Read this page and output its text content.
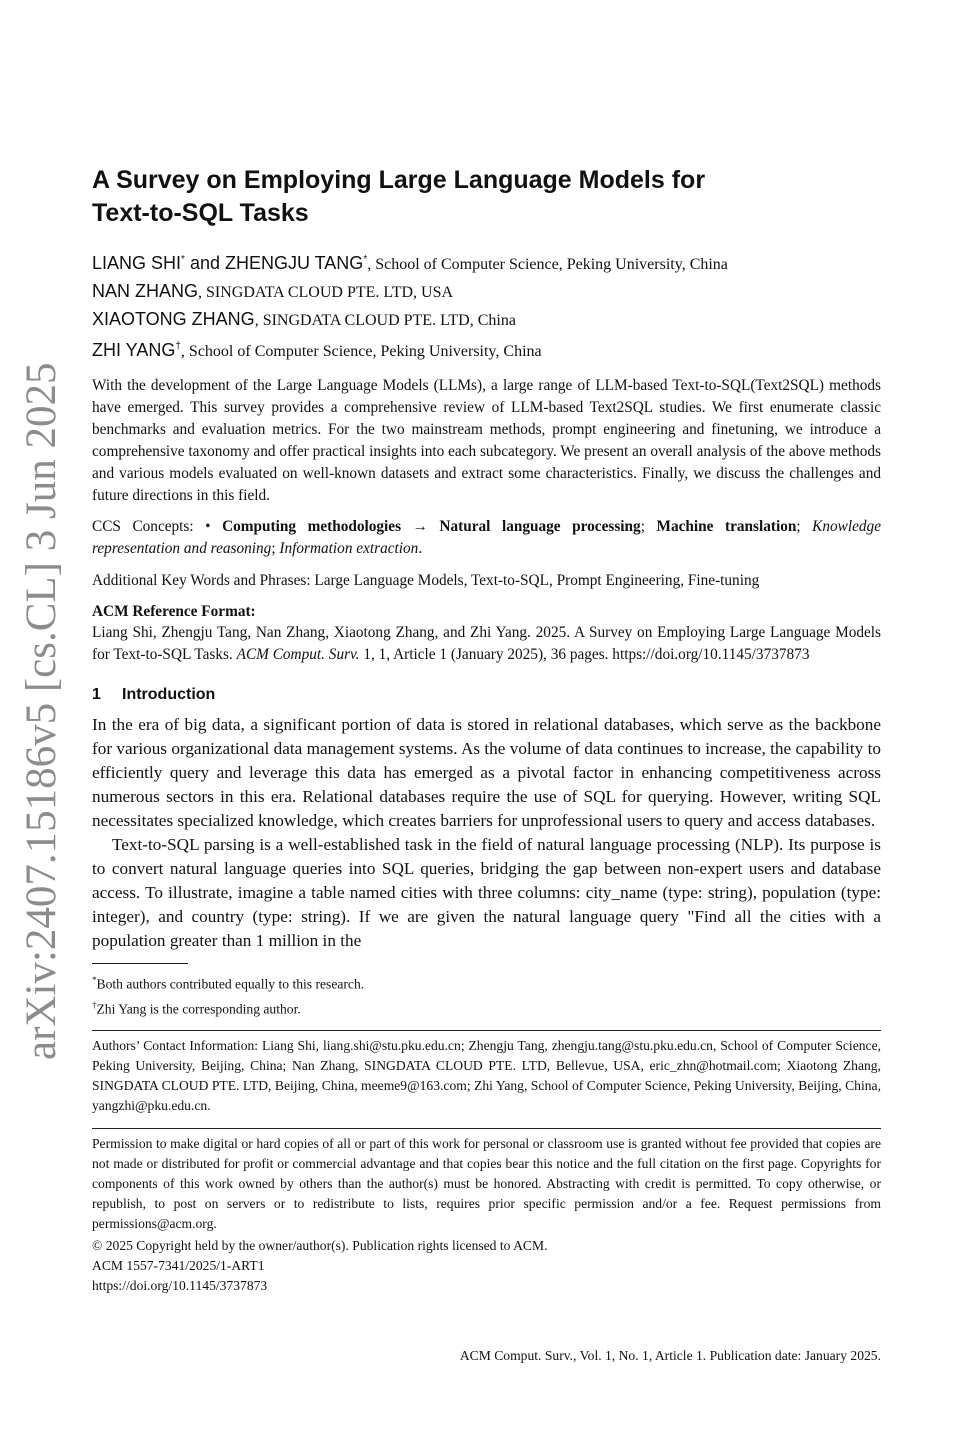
arXiv:2407.15186v5 [cs.CL] 3 Jun 2025
A Survey on Employing Large Language Models for
Text-to-SQL Tasks
LIANG SHI* and ZHENGJU TANG*, School of Computer Science, Peking University, China
NAN ZHANG, SINGDATA CLOUD PTE. LTD, USA
XIAOTONG ZHANG, SINGDATA CLOUD PTE. LTD, China
ZHI YANG†, School of Computer Science, Peking University, China
With the development of the Large Language Models (LLMs), a large range of LLM-based Text-to-SQL(Text2SQL) methods have emerged. This survey provides a comprehensive review of LLM-based Text2SQL studies. We first enumerate classic benchmarks and evaluation metrics. For the two mainstream methods, prompt engineering and finetuning, we introduce a comprehensive taxonomy and offer practical insights into each subcategory. We present an overall analysis of the above methods and various models evaluated on well-known datasets and extract some characteristics. Finally, we discuss the challenges and future directions in this field.
CCS Concepts: • Computing methodologies → Natural language processing; Machine translation; Knowledge representation and reasoning; Information extraction.
Additional Key Words and Phrases: Large Language Models, Text-to-SQL, Prompt Engineering, Fine-tuning
ACM Reference Format:
Liang Shi, Zhengju Tang, Nan Zhang, Xiaotong Zhang, and Zhi Yang. 2025. A Survey on Employing Large Language Models for Text-to-SQL Tasks. ACM Comput. Surv. 1, 1, Article 1 (January 2025), 36 pages. https://doi.org/10.1145/3737873
1 Introduction

In the era of big data, a significant portion of data is stored in relational databases, which serve as the backbone for various organizational data management systems. As the volume of data continues to increase, the capability to efficiently query and leverage this data has emerged as a pivotal factor in enhancing competitiveness across numerous sectors in this era. Relational databases require the use of SQL for querying. However, writing SQL necessitates specialized knowledge, which creates barriers for unprofessional users to query and access databases.

Text-to-SQL parsing is a well-established task in the field of natural language processing (NLP). Its purpose is to convert natural language queries into SQL queries, bridging the gap between non-expert users and database access. To illustrate, imagine a table named cities with three columns: city_name (type: string), population (type: integer), and country (type: string). If we are given the natural language query "Find all the cities with a population greater than 1 million in the

*Both authors contributed equally to this research.
†Zhi Yang is the corresponding author.
Authors’ Contact Information: Liang Shi, liang.shi@stu.pku.edu.cn; Zhengju Tang, zhengju.tang@stu.pku.edu.cn, School of Computer Science, Peking University, Beijing, China; Nan Zhang, SINGDATA CLOUD PTE. LTD, Bellevue, USA, eric_zhn@hotmail.com; Xiaotong Zhang, SINGDATA CLOUD PTE. LTD, Beijing, China, meeme9@163.com; Zhi Yang, School of Computer Science, Peking University, Beijing, China, yangzhi@pku.edu.cn.
Permission to make digital or hard copies of all or part of this work for personal or classroom use is granted without fee provided that copies are not made or distributed for profit or commercial advantage and that copies bear this notice and the full citation on the first page. Copyrights for components of this work owned by others than the author(s) must be honored. Abstracting with credit is permitted. To copy otherwise, or republish, to post on servers or to redistribute to lists, requires prior specific permission and/or a fee. Request permissions from permissions@acm.org.
© 2025 Copyright held by the owner/author(s). Publication rights licensed to ACM.
ACM 1557-7341/2025/1-ART1
https://doi.org/10.1145/3737873
ACM Comput. Surv., Vol. 1, No. 1, Article 1. Publication date: January 2025.
